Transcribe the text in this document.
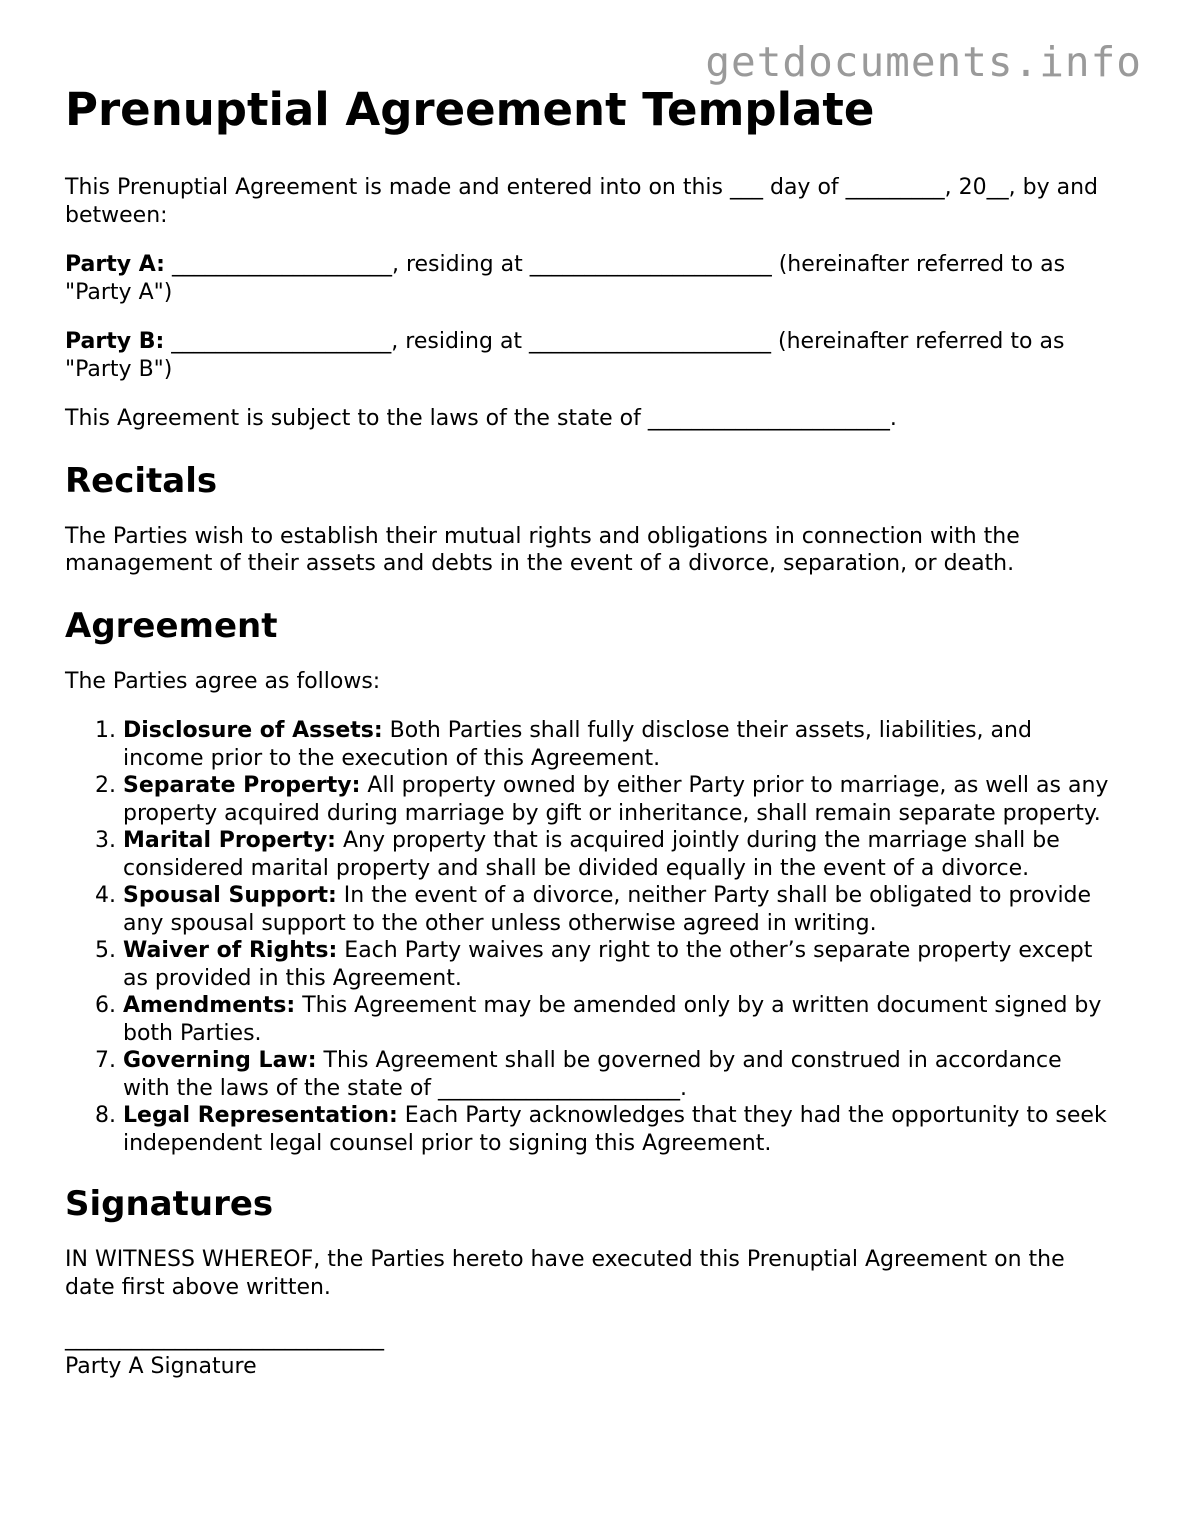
getdocuments.info
Prenuptial Agreement Template

This Prenuptial Agreement is made and entered into on this ___ day of _________, 20__, by and between:

Party A: ____________________, residing at ______________________ (hereinafter referred to as "Party A")

Party B: ____________________, residing at ______________________ (hereinafter referred to as "Party B")

This Agreement is subject to the laws of the state of ______________________.

Recitals

The Parties wish to establish their mutual rights and obligations in connection with the management of their assets and debts in the event of a divorce, separation, or death.

Agreement

The Parties agree as follows:

1. Disclosure of Assets: Both Parties shall fully disclose their assets, liabilities, and income prior to the execution of this Agreement.
2. Separate Property: All property owned by either Party prior to marriage, as well as any property acquired during marriage by gift or inheritance, shall remain separate property.
3. Marital Property: Any property that is acquired jointly during the marriage shall be considered marital property and shall be divided equally in the event of a divorce.
4. Spousal Support: In the event of a divorce, neither Party shall be obligated to provide any spousal support to the other unless otherwise agreed in writing.
5. Waiver of Rights: Each Party waives any right to the other’s separate property except as provided in this Agreement.
6. Amendments: This Agreement may be amended only by a written document signed by both Parties.
7. Governing Law: This Agreement shall be governed by and construed in accordance with the laws of the state of ______________________.
8. Legal Representation: Each Party acknowledges that they had the opportunity to seek independent legal counsel prior to signing this Agreement.
Signatures

IN WITNESS WHEREOF, the Parties hereto have executed this Prenuptial Agreement on the date first above written.

_____________________________
Party A Signature
